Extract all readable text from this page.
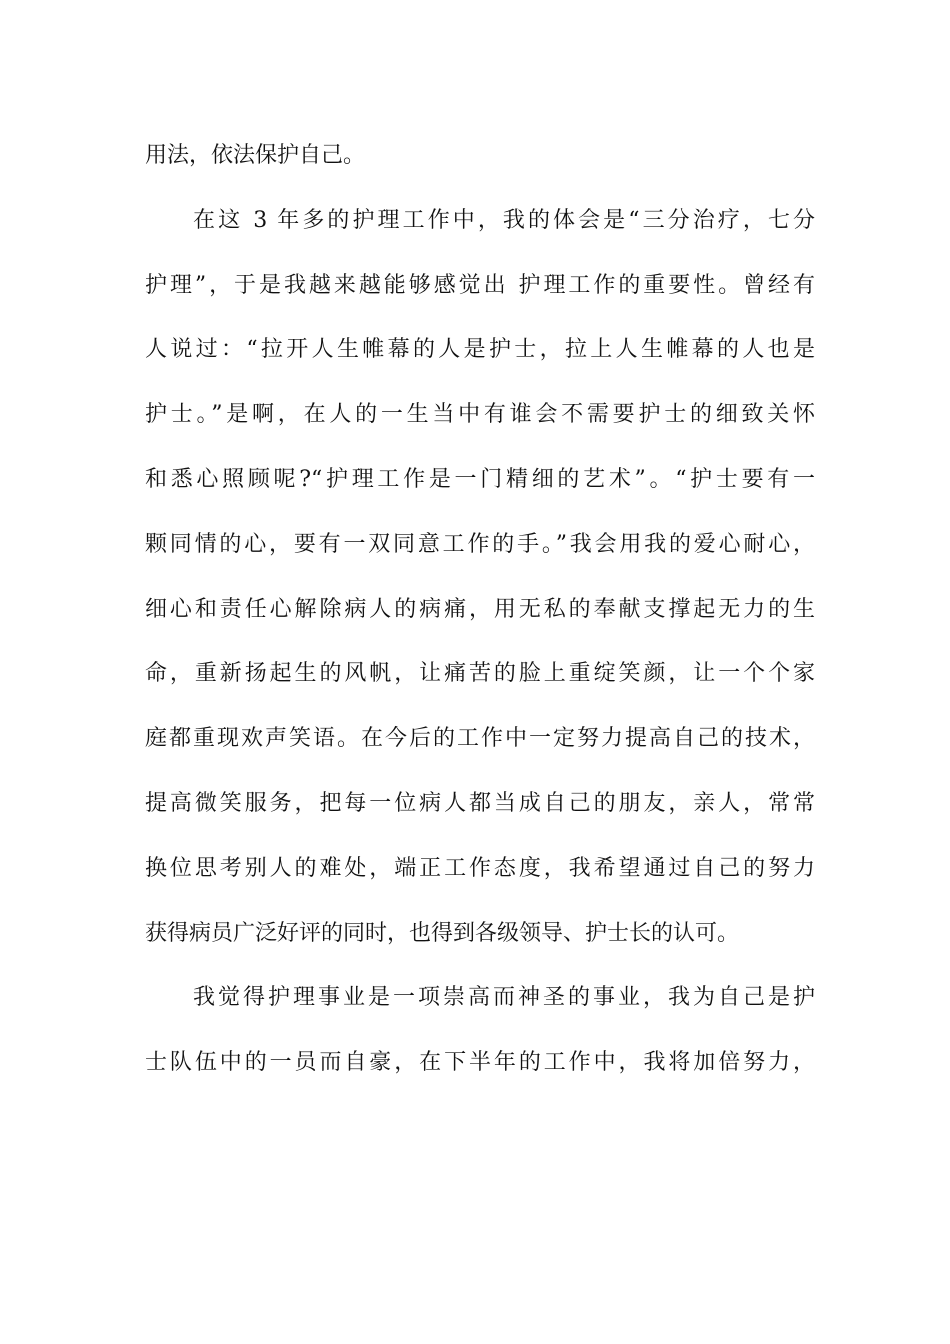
用法，依法保护自己。
在这 3 年多的护理工作中，我的体会是“三分治疗，七分
护理”，于是我越来越能够感觉出 护理工作的重要性。曾经有
人说过：“拉开人生帷幕的人是护士，拉上人生帷幕的人也是
护士。”是啊，在人的一生当中有谁会不需要护士的细致关怀
和悉心照顾呢?“护理工作是一门精细的艺术”。“护士要有一
颗同情的心，要有一双同意工作的手。”我会用我的爱心耐心，
细心和责任心解除病人的病痛，用无私的奉献支撑起无力的生
命，重新扬起生的风帆，让痛苦的脸上重绽笑颜，让一个个家
庭都重现欢声笑语。在今后的工作中一定努力提高自己的技术，
提高微笑服务，把每一位病人都当成自己的朋友，亲人，常常
换位思考别人的难处，端正工作态度，我希望通过自己的努力
获得病员广泛好评的同时，也得到各级领导、护士长的认可。
我觉得护理事业是一项崇高而神圣的事业，我为自己是护
士队伍中的一员而自豪，在下半年的工作中，我将加倍努力，
